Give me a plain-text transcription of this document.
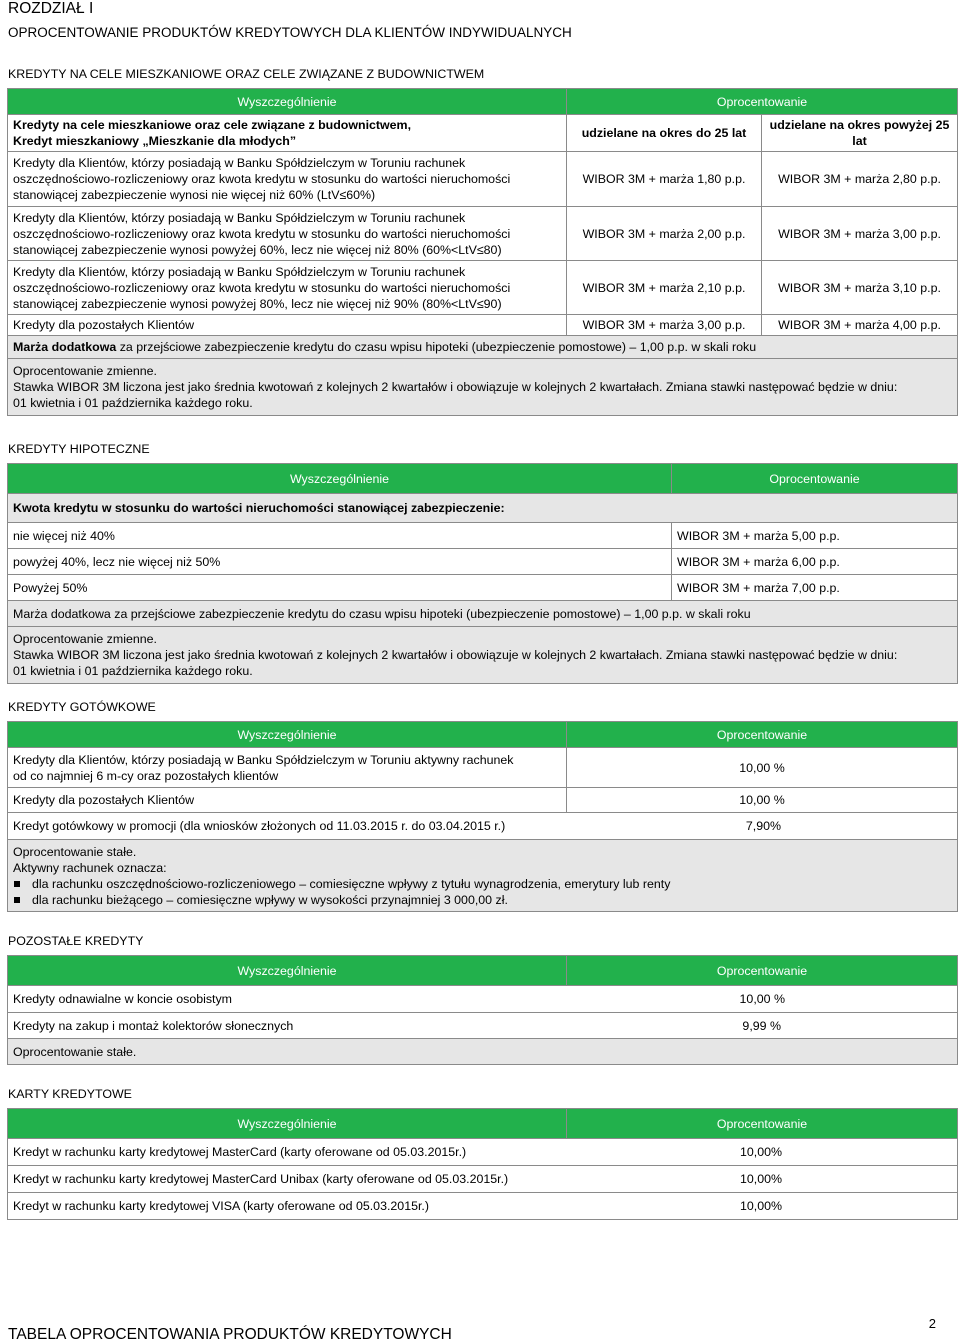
ROZDZIAŁ I
OPROCENTOWANIE PRODUKTÓW KREDYTOWYCH DLA KLIENTÓW INDYWIDUALNYCH
KREDYTY NA CELE MIESZKANIOWE ORAZ CELE ZWIĄZANE Z BUDOWNICTWEM
Wyszczególnienie	Oprocentowanie	

Kredyty na cele mieszkaniowe oraz cele związane z budownictwem,
Kredyt mieszkaniowy „Mieszkanie dla młodych”	udzielane na okres do 25 lat	udzielane na okres powyżej 25 lat

Kredyty dla Klientów, którzy posiadają w Banku Spółdzielczym w Toruniu rachunek
oszczędnościowo-rozliczeniowy oraz kwota kredytu w stosunku do wartości nieruchomości
stanowiącej zabezpieczenie wynosi nie więcej niż 60% (LtV≤60%)	WIBOR 3M + marża 1,80 p.p.	WIBOR 3M + marża 2,80 p.p.

Kredyty dla Klientów, którzy posiadają w Banku Spółdzielczym w Toruniu rachunek
oszczędnościowo-rozliczeniowy oraz kwota kredytu w stosunku do wartości nieruchomości
stanowiącej zabezpieczenie wynosi powyżej 60%, lecz nie więcej niż 80% (60%<LtV≤80)	WIBOR 3M + marża 2,00 p.p.	WIBOR 3M + marża 3,00 p.p.

Kredyty dla Klientów, którzy posiadają w Banku Spółdzielczym w Toruniu rachunek
oszczędnościowo-rozliczeniowy oraz kwota kredytu w stosunku do wartości nieruchomości
stanowiącej zabezpieczenie wynosi powyżej 80%, lecz nie więcej niż 90% (80%<LtV≤90)	WIBOR 3M + marża 2,10 p.p.	WIBOR 3M + marża 3,10 p.p.
Kredyty dla pozostałych Klientów	WIBOR 3M + marża 3,00 p.p.	WIBOR 3M + marża 4,00 p.p.
Marża dodatkowa za przejściowe zabezpieczenie kredytu do czasu wpisu hipoteki (ubezpieczenie pomostowe) – 1,00 p.p. w skali roku		

Oprocentowanie zmienne.
Stawka WIBOR 3M liczona jest jako średnia kwotowań z kolejnych 2 kwartałów i obowiązuje w kolejnych 2 kwartałach. Zmiana stawki następować będzie w dniu:
01 kwietnia i 01 października każdego roku.		
KREDYTY HIPOTECZNE
Wyszczególnienie	Oprocentowanie
Kwota kredytu w stosunku do wartości nieruchomości stanowiącej zabezpieczenie:	
nie więcej niż 40%	WIBOR 3M + marża 5,00 p.p.
powyżej 40%, lecz nie więcej niż 50%	WIBOR 3M + marża 6,00 p.p.
Powyżej 50%	WIBOR 3M + marża 7,00 p.p.
Marża dodatkowa za przejściowe zabezpieczenie kredytu do czasu wpisu hipoteki (ubezpieczenie pomostowe) – 1,00 p.p. w skali roku	

Oprocentowanie zmienne.
Stawka WIBOR 3M liczona jest jako średnia kwotowań z kolejnych 2 kwartałów i obowiązuje w kolejnych 2 kwartałach. Zmiana stawki następować będzie w dniu:
01 kwietnia i 01 października każdego roku.	
KREDYTY GOTÓWKOWE
Wyszczególnienie	Oprocentowanie

Kredyty dla Klientów, którzy posiadają w Banku Spółdzielczym w Toruniu aktywny rachunek
od co najmniej 6 m-cy oraz pozostałych klientów	10,00 %
Kredyty dla pozostałych Klientów	10,00 %

Kredyt gotówkowy w promocji (dla wniosków złożonych od 11.03.2015 r. do 03.04.2015 r.) 7,90%	

Oprocentowanie stałe.
Aktywny rachunek oznacza:
dla rachunku oszczędnościowo-rozliczeniowego – comiesięczne wpływy z tytułu wynagrodzenia, emerytury lub renty
dla rachunku bieżącego – comiesięczne wpływy w wysokości przynajmniej 3 000,00 zł.	
POZOSTAŁE KREDYTY
Wyszczególnienie	Oprocentowanie

Kredyty odnawialne w koncie osobistym	10,00 %

Kredyty na zakup i montaż kolektorów słonecznych	9,99 %

Oprocentowanie stałe.
KARTY KREDYTOWE
Wyszczególnienie	Oprocentowanie

Kredyt w rachunku karty kredytowej MasterCard (karty oferowane od 05.03.2015r.)	10,00%

Kredyt w rachunku karty kredytowej MasterCard Unibax (karty oferowane od 05.03.2015r.)	10,00%

Kredyt w rachunku karty kredytowej VISA (karty oferowane od 05.03.2015r.)	10,00%
2
TABELA OPROCENTOWANIA PRODUKTÓW KREDYTOWYCH
